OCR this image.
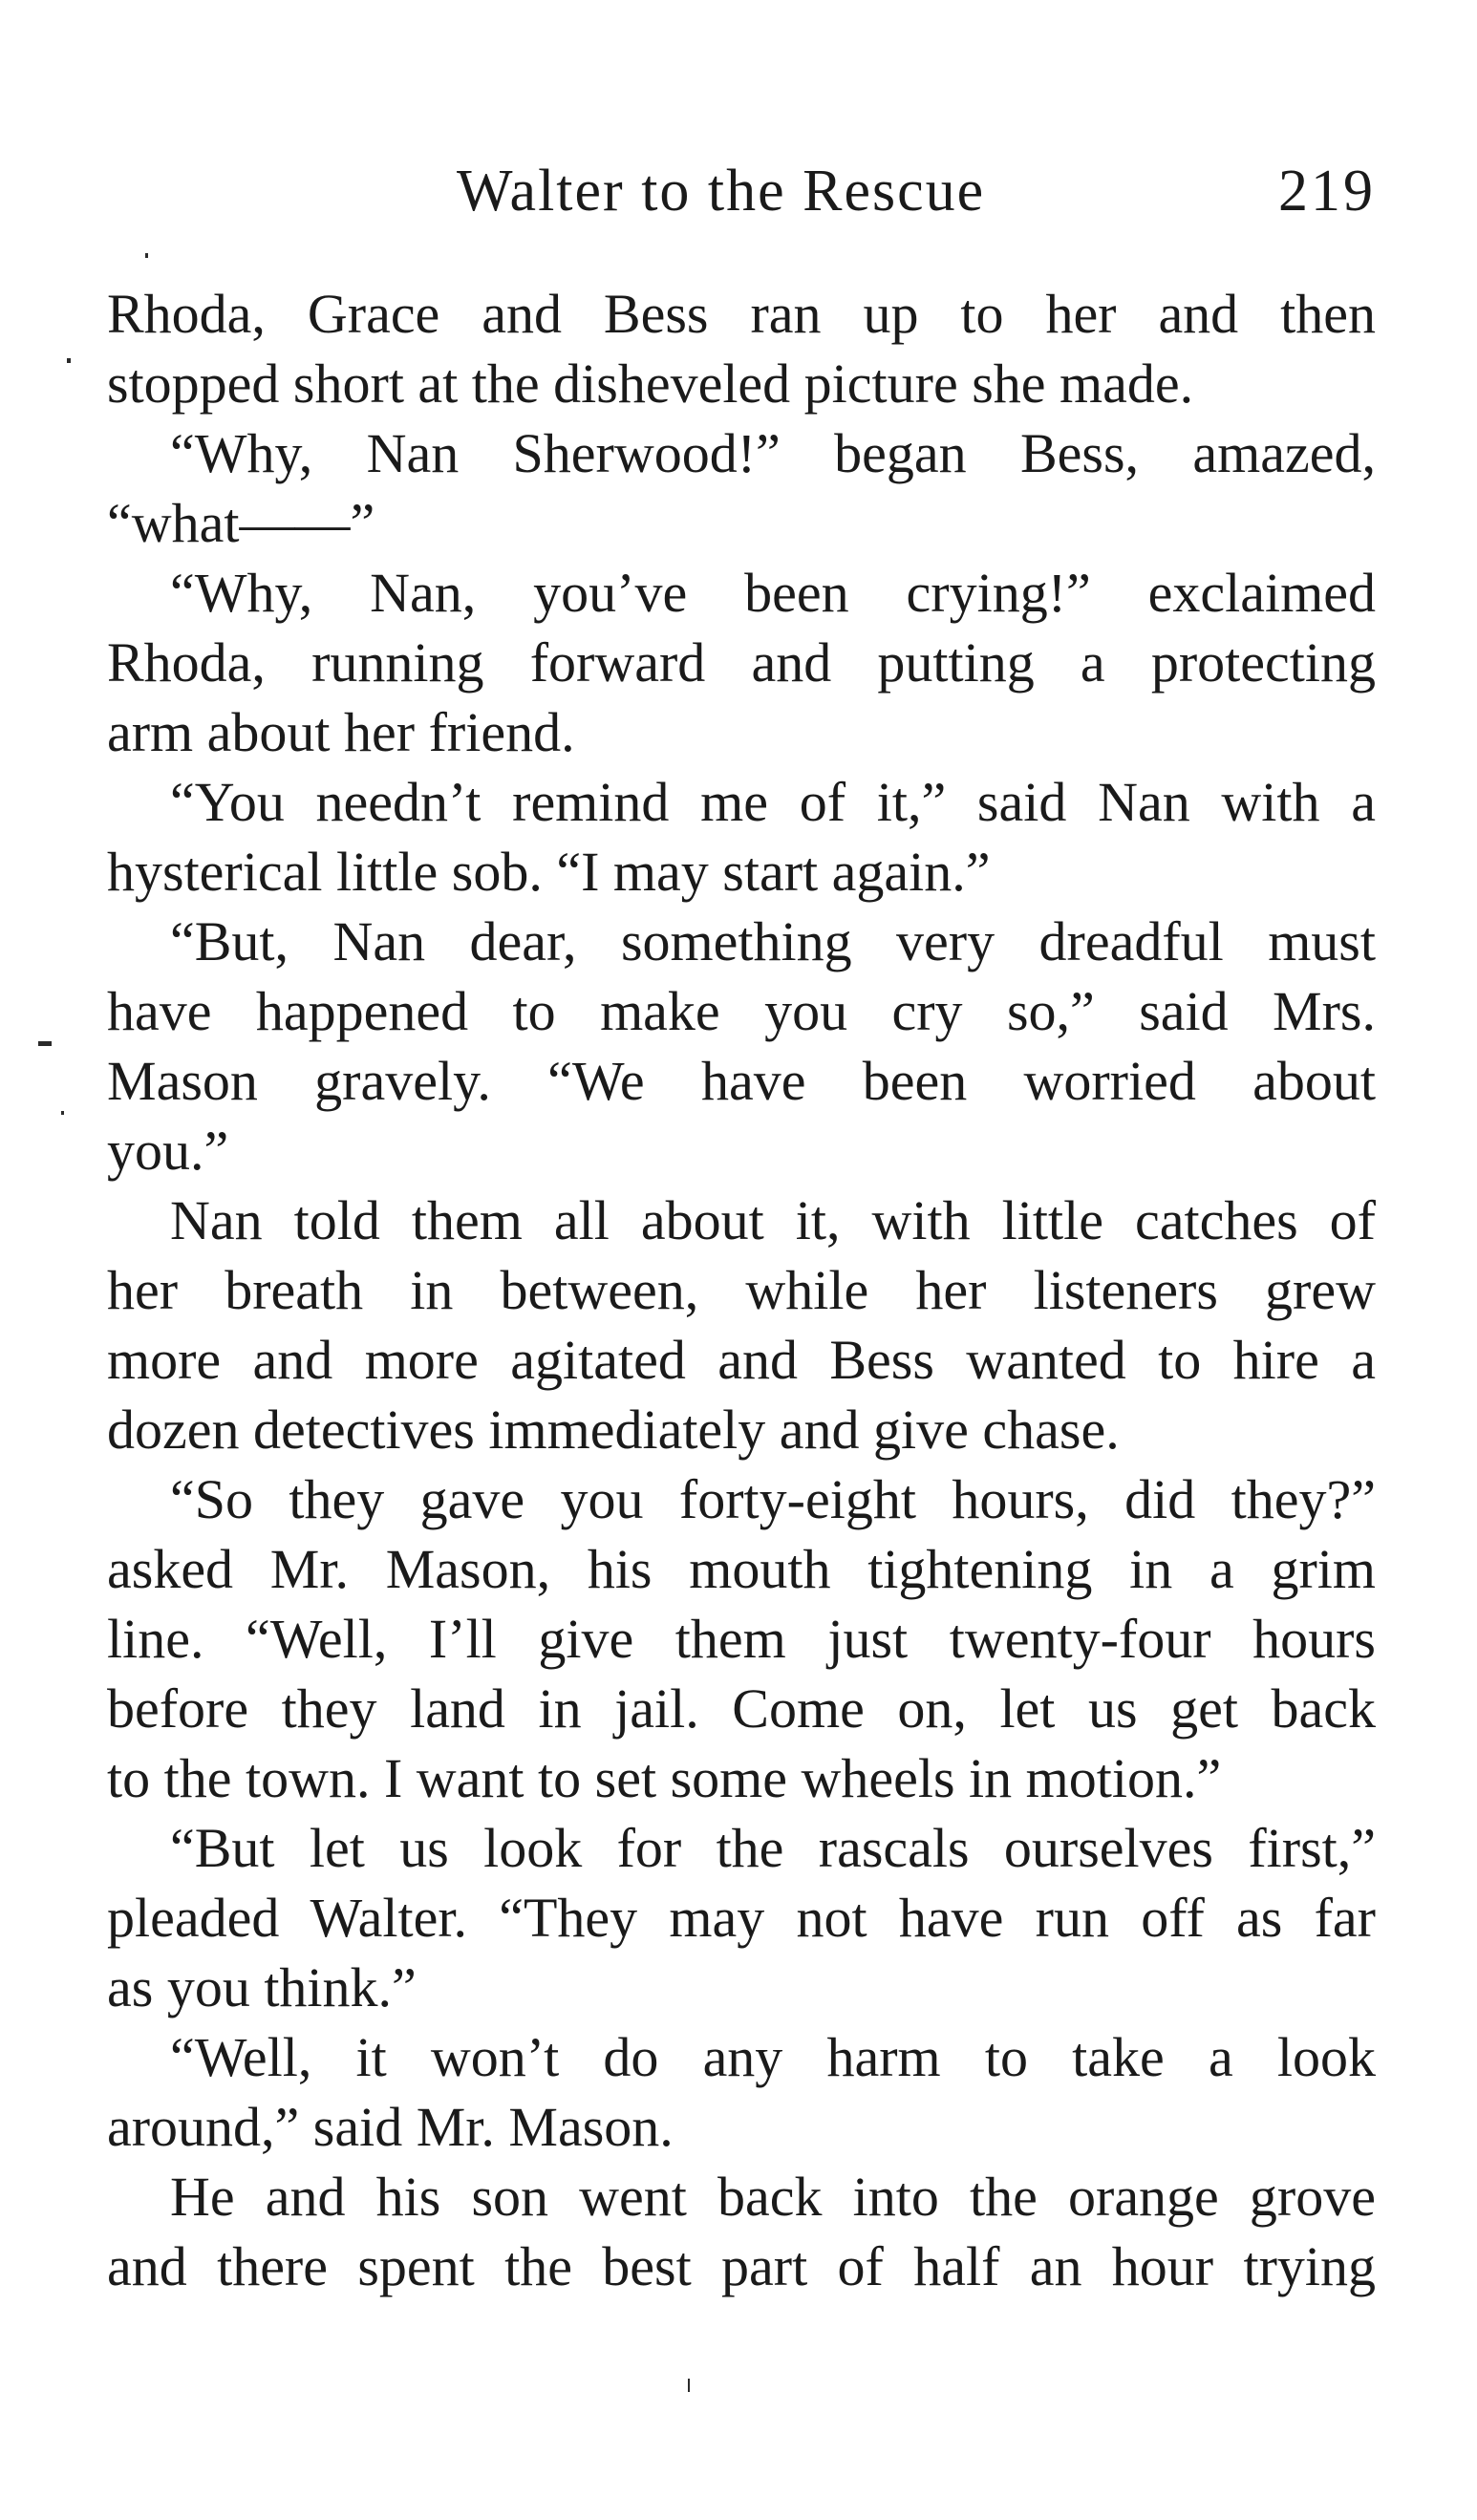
Walter to the Rescue	219
Rhoda, Grace and Bess ran up to her and then
stopped short at the disheveled picture she made.
“Why, Nan Sherwood!” began Bess, amazed,
“what——”
“Why, Nan, you’ve been crying!” exclaimed
Rhoda, running forward and putting a protecting
arm about her friend.
“You needn’t remind me of it,” said Nan with a
hysterical little sob. “I may start again.”
“But, Nan dear, something very dreadful must
have happened to make you cry so,” said Mrs.
Mason gravely. “We have been worried about
you.”
Nan told them all about it, with little catches of
her breath in between, while her listeners grew
more and more agitated and Bess wanted to hire a
dozen detectives immediately and give chase.
“So they gave you forty-eight hours, did they?”
asked Mr. Mason, his mouth tightening in a grim
line. “Well, I’ll give them just twenty-four hours
before they land in jail. Come on, let us get back
to the town. I want to set some wheels in motion.”
“But let us look for the rascals ourselves first,”
pleaded Walter. “They may not have run off as far
as you think.”
“Well, it won’t do any harm to take a look
around,” said Mr. Mason.
He and his son went back into the orange grove
and there spent the best part of half an hour trying
